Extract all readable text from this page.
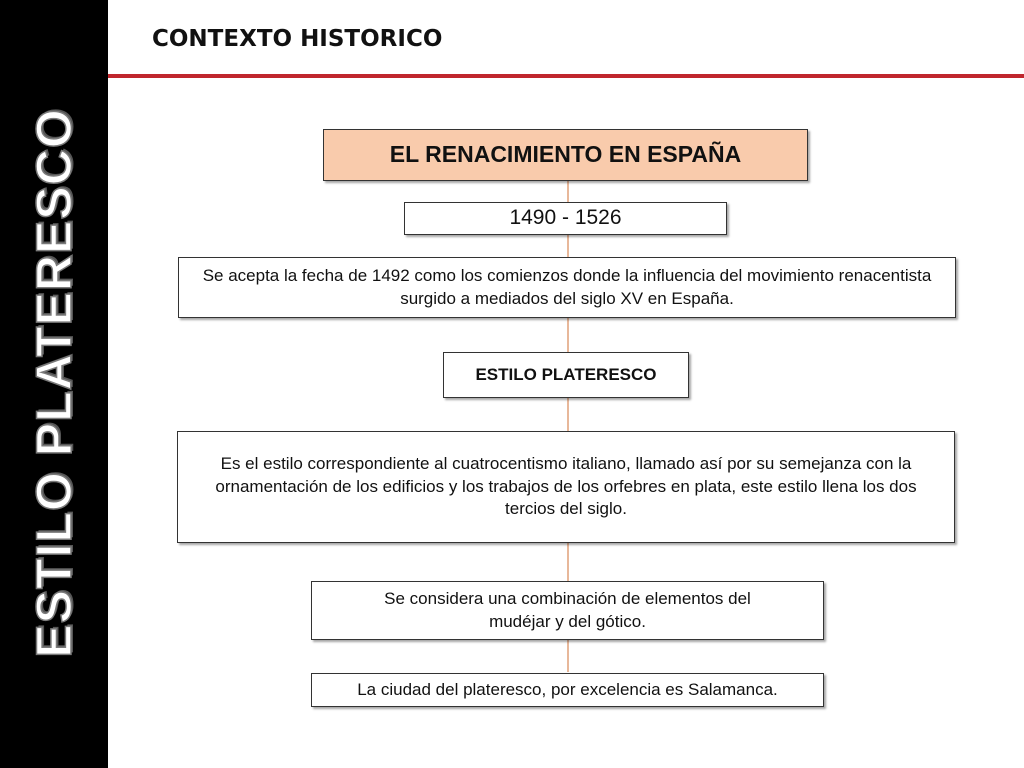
ESTILO PLATERESCO
CONTEXTO HISTORICO
EL RENACIMIENTO EN ESPAÑA
1490 - 1526
Se acepta la fecha de 1492 como los comienzos donde la influencia del movimiento renacentista surgido a mediados del siglo XV en España.
ESTILO PLATERESCO
Es el estilo correspondiente al cuatrocentismo italiano, llamado así por su semejanza con la ornamentación de los edificios y los trabajos de los orfebres en plata, este estilo llena los dos tercios del siglo.
Se considera una combinación de elementos del mudéjar y del gótico.
La ciudad del plateresco, por excelencia es Salamanca.
